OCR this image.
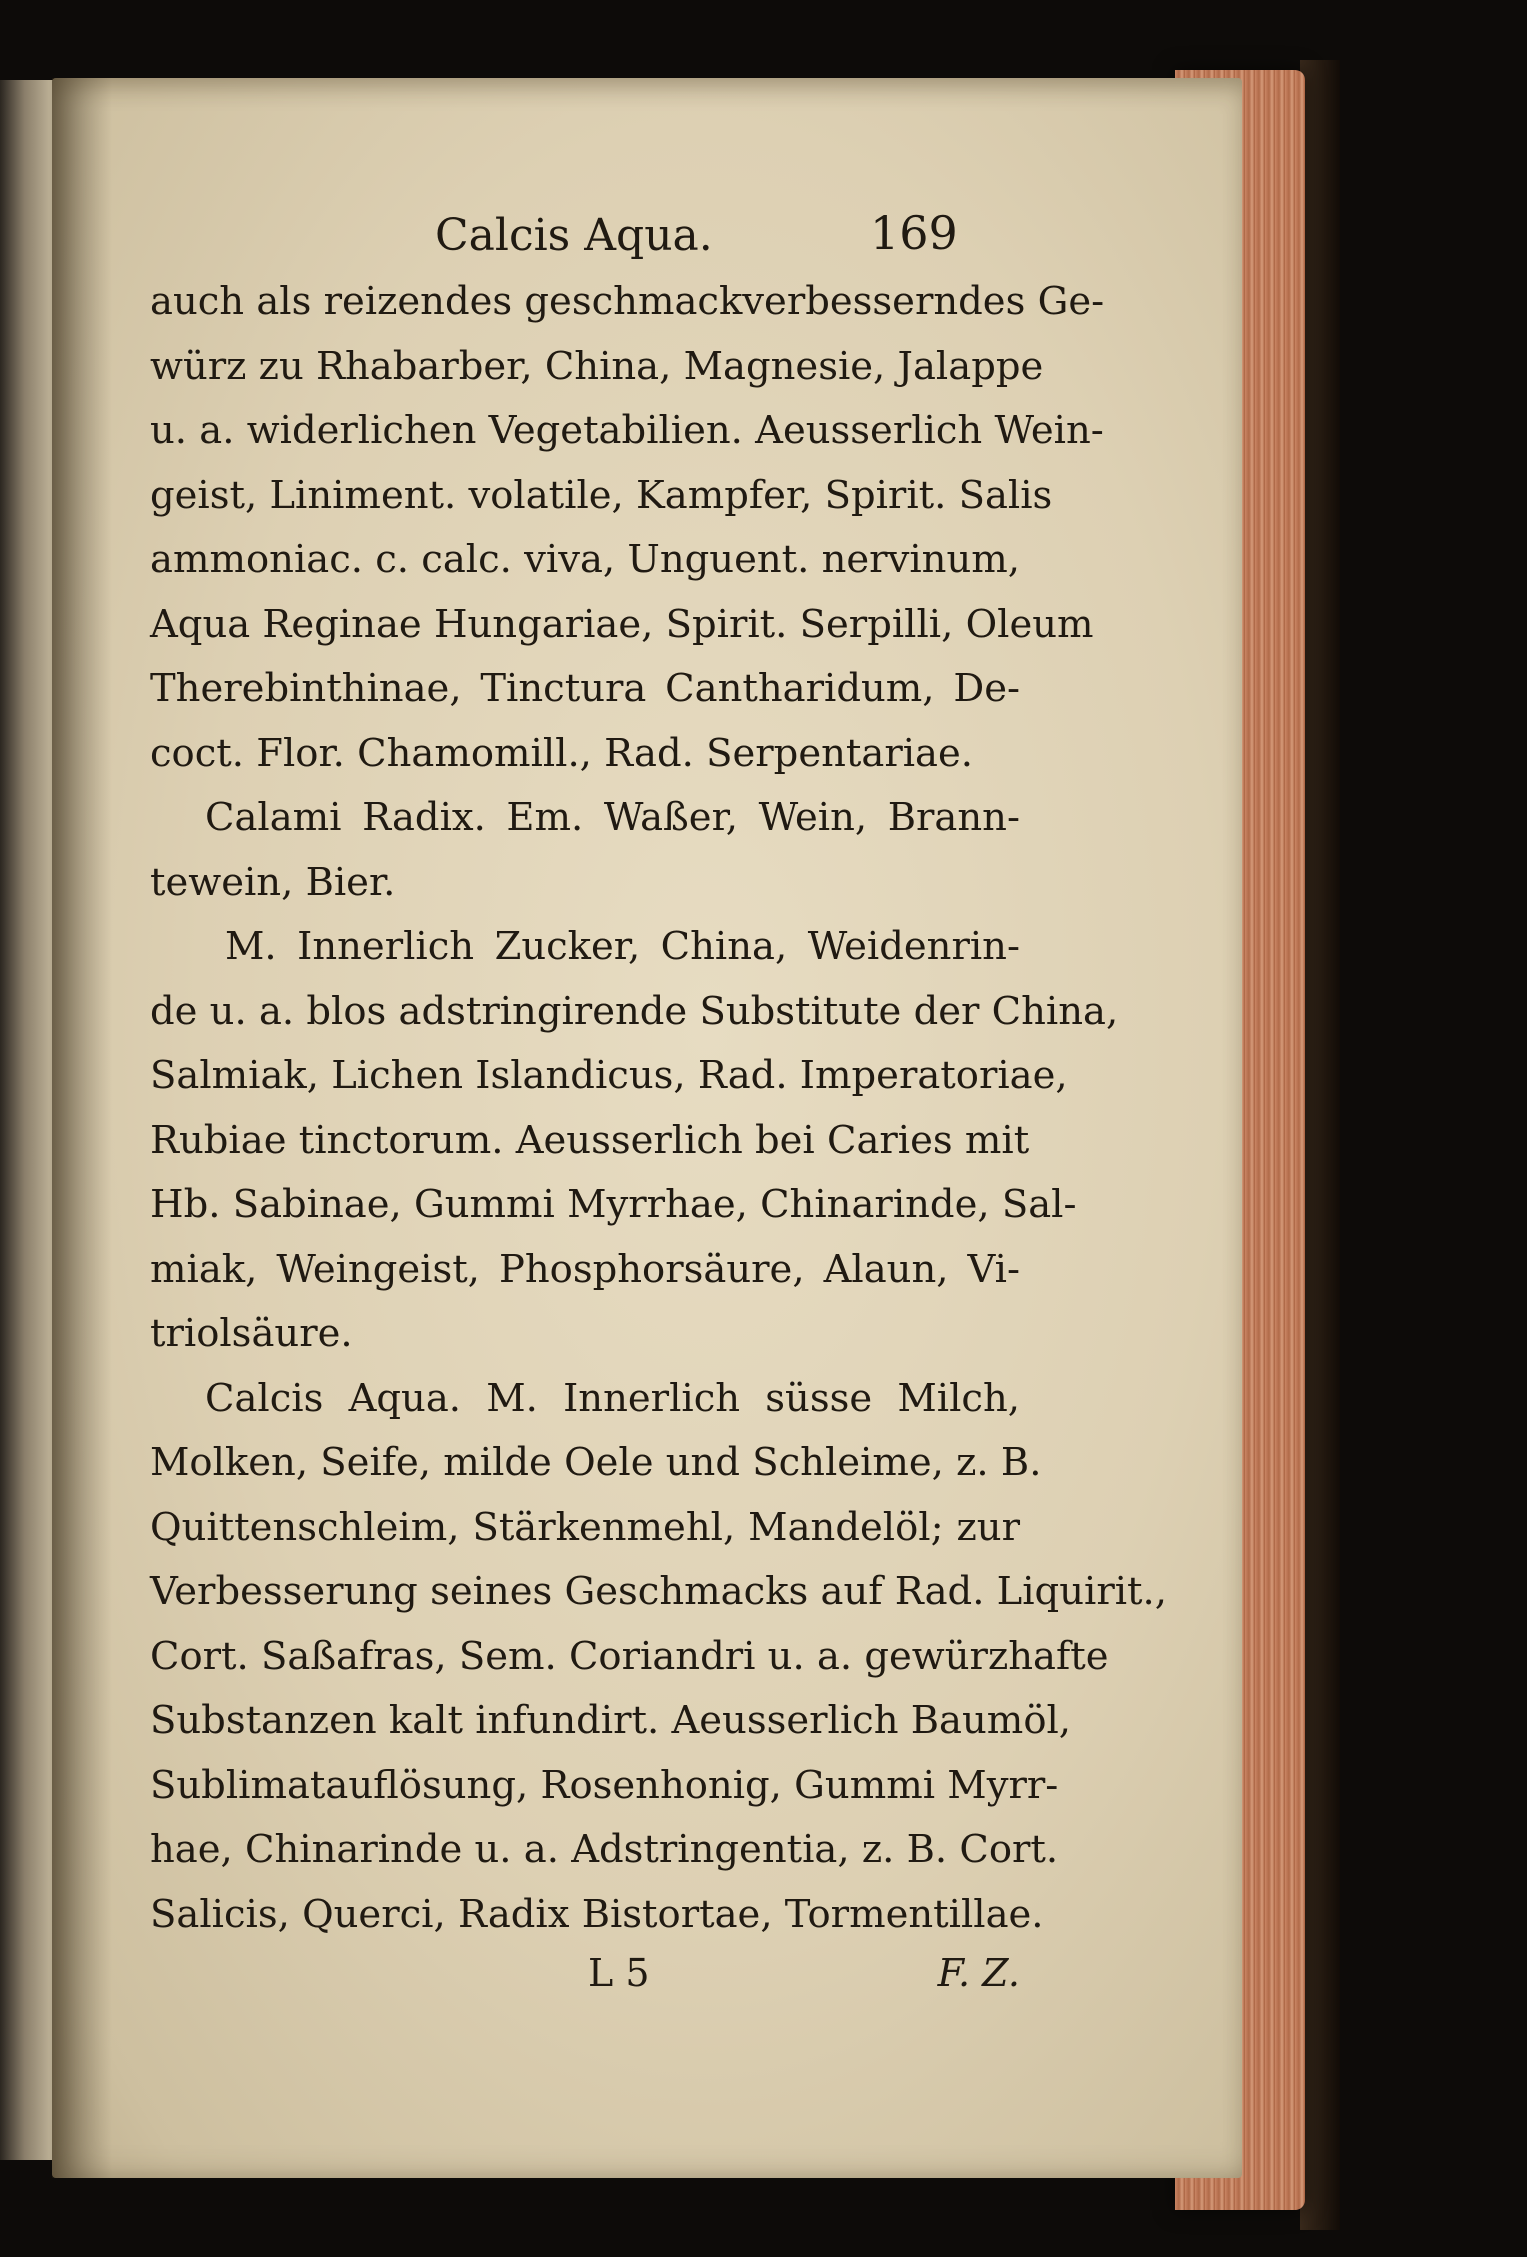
Calcis Aqua.	169
auch als reizendes geschmackverbesserndes Ge-
würz zu Rhabarber, China, Magnesie, Jalappe
u. a. widerlichen Vegetabilien. Aeusserlich Wein-
geist, Liniment. volatile, Kampfer, Spirit. Salis
ammoniac. c. calc. viva, Unguent. nervinum,
Aqua Reginae Hungariae, Spirit. Serpilli, Oleum
Therebinthinae, Tinctura Cantharidum, De-
coct. Flor. Chamomill., Rad. Serpentariae.
Calami Radix. Em. Waßer, Wein, Brann-
tewein, Bier.
M. Innerlich Zucker, China, Weidenrin-
de u. a. blos adstringirende Substitute der China,
Salmiak, Lichen Islandicus, Rad. Imperatoriae,
Rubiae tinctorum. Aeusserlich bei Caries mit
Hb. Sabinae, Gummi Myrrhae, Chinarinde, Sal-
miak, Weingeist, Phosphorsäure, Alaun, Vi-
triolsäure.
Calcis Aqua. M. Innerlich süsse Milch,
Molken, Seife, milde Oele und Schleime, z. B.
Quittenschleim, Stärkenmehl, Mandelöl; zur
Verbesserung seines Geschmacks auf Rad. Liquirit.,
Cort. Saßafras, Sem. Coriandri u. a. gewürzhafte
Substanzen kalt infundirt. Aeusserlich Baumöl,
Sublimatauflösung, Rosenhonig, Gummi Myrr-
hae, Chinarinde u. a. Adstringentia, z. B. Cort.
Salicis, Querci, Radix Bistortae, Tormentillae.
L 5	F. Z.
